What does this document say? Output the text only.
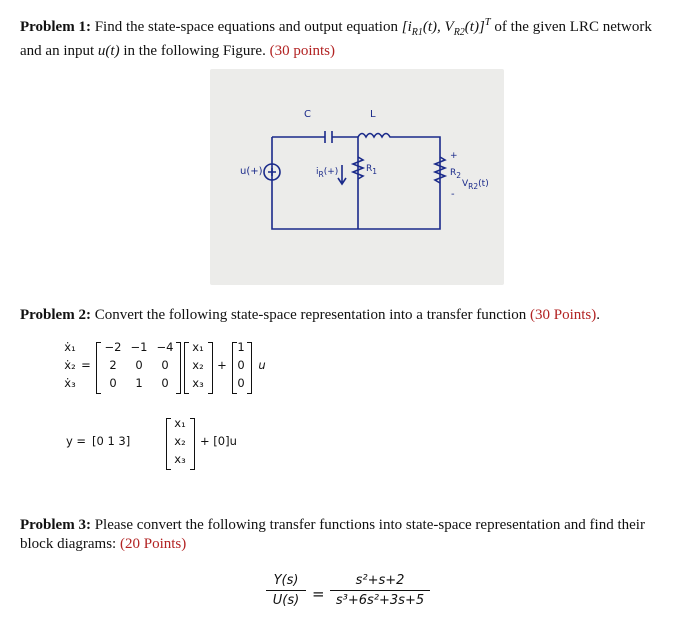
Problem 1: Find the state-space equations and output equation [$i_{R1}(t)$, $V_{R2}(t)]^T$ of the given LRC network
and an input u(t) in the following Figure. (30 points)
C	L
u(+)	$i_R(+)$	$R_1$	$R_2$
$V_{R2}(t)$
+
-
Problem 2: Convert the following state-space representation into a transfer function (30 Points).
ẋ₁
ẋ₂
ẋ₃
=
−2 −1 −4
2	0	0
0	1	0
x₁
x₂
x₃
+
1
0
0
u
y = [0 1 3]
x₁
x₂
x₃
+ [0]u
Problem 3: Please convert the following transfer functions into state-space representation and find their
block diagrams: (20 Points)
$\frac{Y(s)}{U(s)} = \frac{\text{s²+s+2}}{\text{s³+6s²+3s+5}}$
